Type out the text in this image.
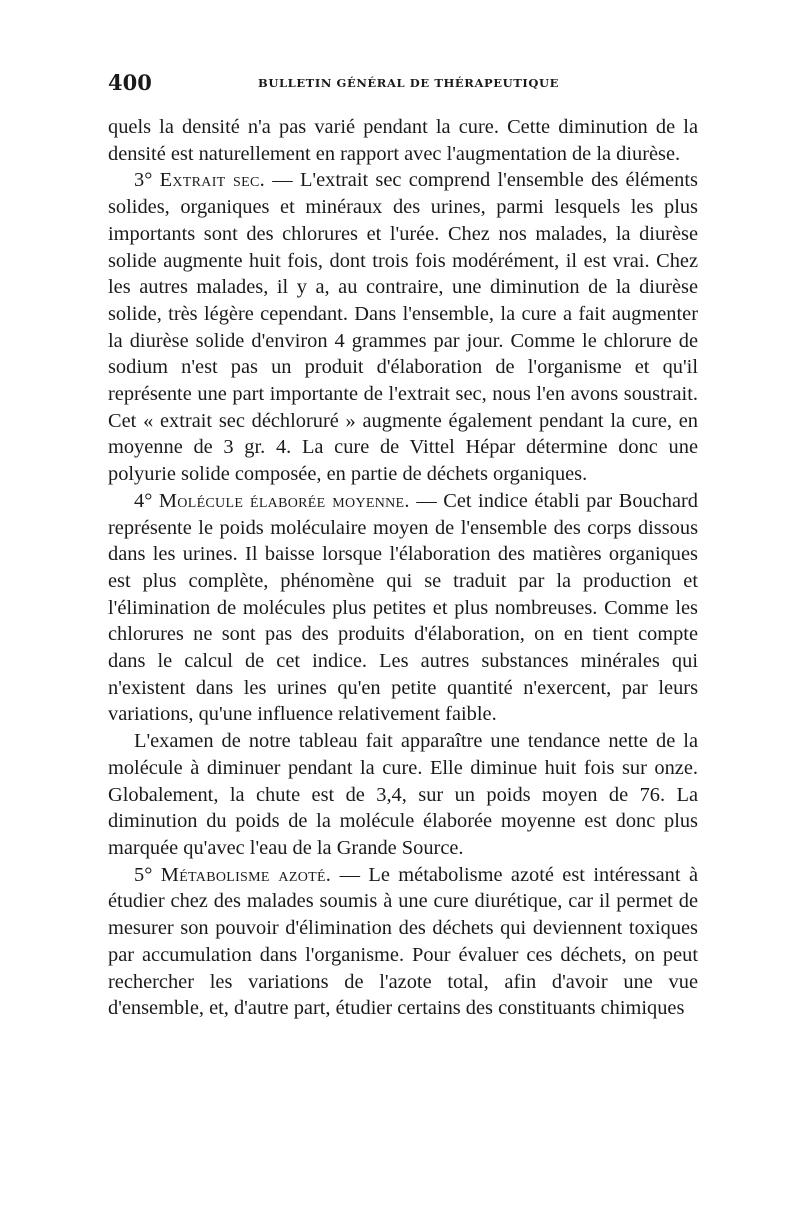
400	BULLETIN GÉNÉRAL DE THÉRAPEUTIQUE

quels la densité n'a pas varié pendant la cure. Cette diminution de la densité est naturellement en rapport avec l'augmentation de la diurèse.

3° Extrait sec. — L'extrait sec comprend l'ensemble des éléments solides, organiques et minéraux des urines, parmi lesquels les plus importants sont des chlorures et l'urée. Chez nos malades, la diurèse solide augmente huit fois, dont trois fois modérément, il est vrai. Chez les autres malades, il y a, au contraire, une diminution de la diurèse solide, très légère cependant. Dans l'ensemble, la cure a fait augmenter la diurèse solide d'environ 4 grammes par jour. Comme le chlorure de sodium n'est pas un produit d'élaboration de l'organisme et qu'il représente une part importante de l'extrait sec, nous l'en avons soustrait. Cet « extrait sec déchloruré » augmente également pendant la cure, en moyenne de 3 gr. 4. La cure de Vittel Hépar détermine donc une polyurie solide composée, en partie de déchets organiques.

4° Molécule élaborée moyenne. — Cet indice établi par Bouchard représente le poids moléculaire moyen de l'ensemble des corps dissous dans les urines. Il baisse lorsque l'élaboration des matières organiques est plus complète, phénomène qui se traduit par la production et l'élimination de molécules plus petites et plus nombreuses. Comme les chlorures ne sont pas des produits d'élaboration, on en tient compte dans le calcul de cet indice. Les autres substances minérales qui n'existent dans les urines qu'en petite quantité n'exercent, par leurs variations, qu'une influence relativement faible.

L'examen de notre tableau fait apparaître une tendance nette de la molécule à diminuer pendant la cure. Elle diminue huit fois sur onze. Globalement, la chute est de 3,4, sur un poids moyen de 76. La diminution du poids de la molécule élaborée moyenne est donc plus marquée qu'avec l'eau de la Grande Source.

5° Métabolisme azoté. — Le métabolisme azoté est intéressant à étudier chez des malades soumis à une cure diurétique, car il permet de mesurer son pouvoir d'élimination des déchets qui deviennent toxiques par accumulation dans l'organisme. Pour évaluer ces déchets, on peut rechercher les variations de l'azote total, afin d'avoir une vue d'ensemble, et, d'autre part, étudier certains des constituants chimiques
